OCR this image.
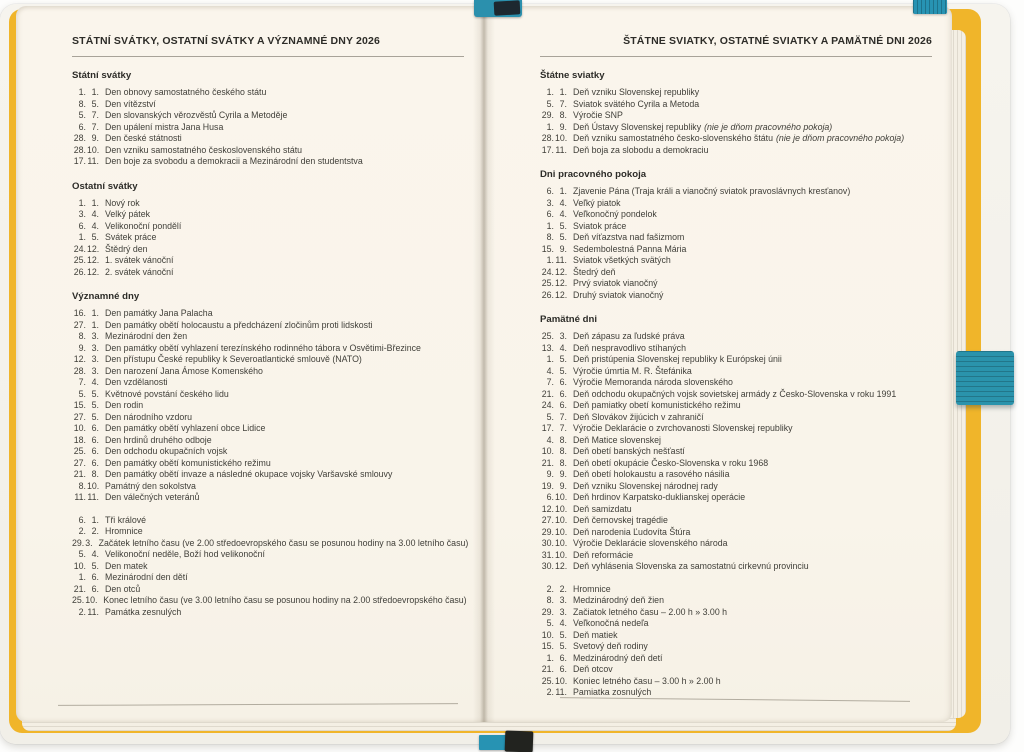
STÁTNÍ SVÁTKY, OSTATNÍ SVÁTKY A VÝZNAMNÉ DNY 2026
Státní svátky
1. 1. Den obnovy samostatného českého státu
8. 5. Den vítězství
5. 7. Den slovanských věrozvěstů Cyrila a Metoděje
6. 7. Den upálení mistra Jana Husa
28. 9. Den české státnosti
28. 10. Den vzniku samostatného československého státu
17. 11. Den boje za svobodu a demokracii a Mezinárodní den studentstva
Ostatní svátky
1. 1. Nový rok
3. 4. Velký pátek
6. 4. Velikonoční pondělí
1. 5. Svátek práce
24. 12. Štědrý den
25. 12. 1. svátek vánoční
26. 12. 2. svátek vánoční
Významné dny
16. 1. Den památky Jana Palacha
27. 1. Den památky obětí holocaustu a předcházení zločinům proti lidskosti
8. 3. Mezinárodní den žen
9. 3. Den památky obětí vyhlazení terezínského rodinného tábora v Osvětimi-Březince
12. 3. Den přístupu České republiky k Severoatlantické smlouvě (NATO)
28. 3. Den narození Jana Ámose Komenského
7. 4. Den vzdělanosti
5. 5. Květnové povstání českého lidu
15. 5. Den rodin
27. 5. Den národního vzdoru
10. 6. Den památky obětí vyhlazení obce Lidice
18. 6. Den hrdinů druhého odboje
25. 6. Den odchodu okupačních vojsk
27. 6. Den památky obětí komunistického režimu
21. 8. Den památky obětí invaze a následné okupace vojsky Varšavské smlouvy
8. 10. Památný den sokolstva
11. 11. Den válečných veteránů
6. 1. Tři králové
2. 2. Hromnice
29. 3. Začátek letního času (ve 2.00 středoevropského času se posunou hodiny na 3.00 letního času)
5. 4. Velikonoční neděle, Boží hod velikonoční
10. 5. Den matek
1. 6. Mezinárodní den dětí
21. 6. Den otců
25. 10. Konec letního času (ve 3.00 letního času se posunou hodiny na 2.00 středoevropského času)
2. 11. Památka zesnulých
ŠTÁTNE SVIATKY, OSTATNÉ SVIATKY A PAMÄTNÉ DNI 2026
Štátne sviatky
1. 1. Deň vzniku Slovenskej republiky
5. 7. Sviatok svätého Cyrila a Metoda
29. 8. Výročie SNP
1. 9. Deň Ústavy Slovenskej republiky (nie je dňom pracovného pokoja)
28. 10. Deň vzniku samostatného česko-slovenského štátu (nie je dňom pracovného pokoja)
17. 11. Deň boja za slobodu a demokraciu
Dni pracovného pokoja
6. 1. Zjavenie Pána (Traja králi a vianočný sviatok pravoslávnych kresťanov)
3. 4. Veľký piatok
6. 4. Veľkonočný pondelok
1. 5. Sviatok práce
8. 5. Deň víťazstva nad fašizmom
15. 9. Sedembolestná Panna Mária
1. 11. Sviatok všetkých svätých
24. 12. Štedrý deň
25. 12. Prvý sviatok vianočný
26. 12. Druhý sviatok vianočný
Pamätné dni
25. 3. Deň zápasu za ľudské práva
13. 4. Deň nespravodlivo stíhaných
1. 5. Deň pristúpenia Slovenskej republiky k Európskej únii
4. 5. Výročie úmrtia M. R. Štefánika
7. 6. Výročie Memoranda národa slovenského
21. 6. Deň odchodu okupačných vojsk sovietskej armády z Česko-Slovenska v roku 1991
24. 6. Deň pamiatky obetí komunistického režimu
5. 7. Deň Slovákov žijúcich v zahraničí
17. 7. Výročie Deklarácie o zvrchovanosti Slovenskej republiky
4. 8. Deň Matice slovenskej
10. 8. Deň obetí banských nešťastí
21. 8. Deň obetí okupácie Česko-Slovenska v roku 1968
9. 9. Deň obetí holokaustu a rasového násilia
19. 9. Deň vzniku Slovenskej národnej rady
6. 10. Deň hrdinov Karpatsko-duklianskej operácie
12. 10. Deň samizdatu
27. 10. Deň černovskej tragédie
29. 10. Deň narodenia Ľudovíta Štúra
30. 10. Výročie Deklarácie slovenského národa
31. 10. Deň reformácie
30. 12. Deň vyhlásenia Slovenska za samostatnú cirkevnú provinciu
2. 2. Hromnice
8. 3. Medzinárodný deň žien
29. 3. Začiatok letného času – 2.00 h » 3.00 h
5. 4. Veľkonočná nedeľa
10. 5. Deň matiek
15. 5. Svetový deň rodiny
1. 6. Medzinárodný deň detí
21. 6. Deň otcov
25. 10. Koniec letného času – 3.00 h » 2.00 h
2. 11. Pamiatka zosnulých
